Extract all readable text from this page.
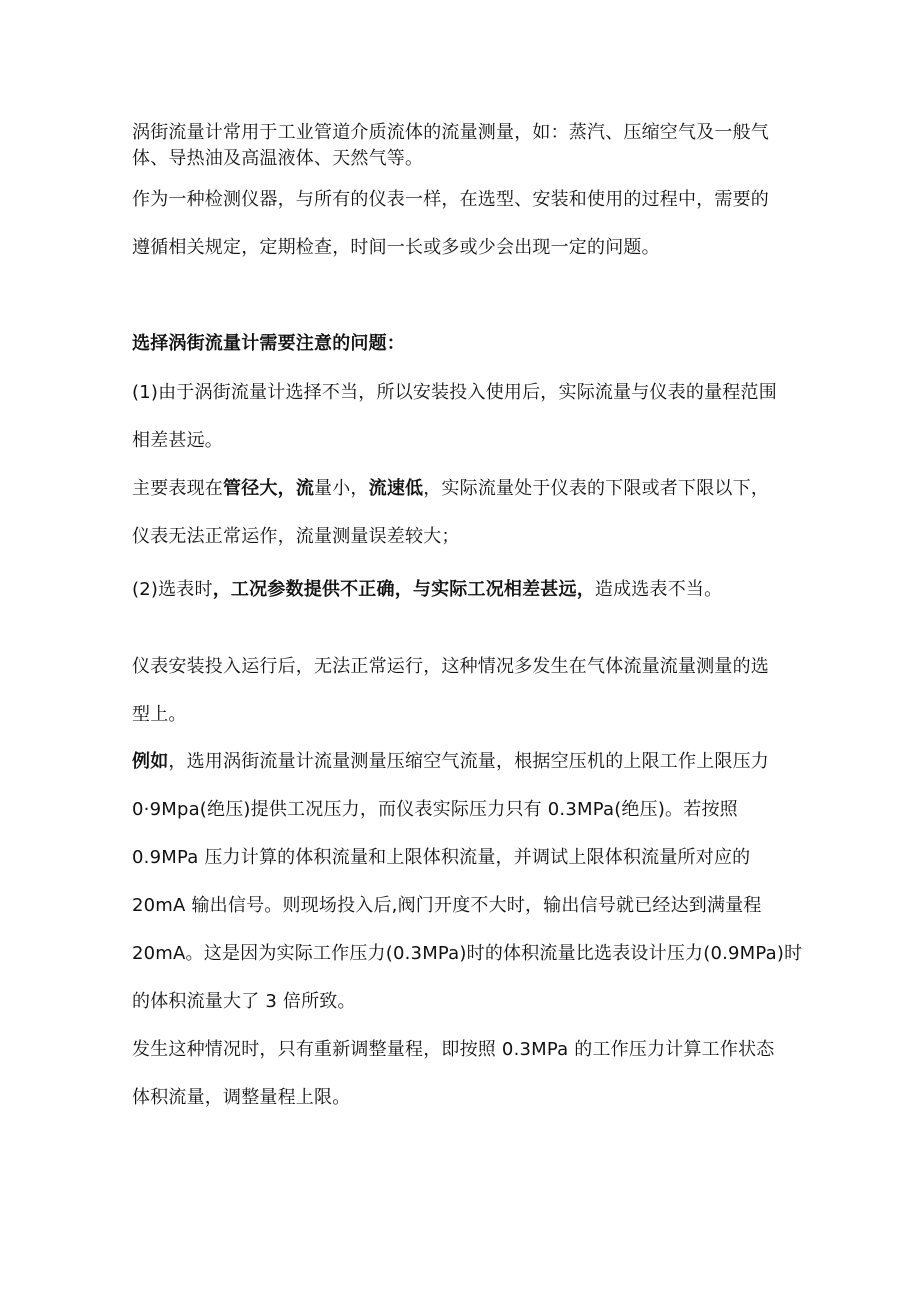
涡街流量计常用于工业管道介质流体的流量测量，如：蒸汽、压缩空气及一般气
体、导热油及高温液体、天然气等。
作为一种检测仪器，与所有的仪表一样，在选型、安装和使用的过程中，需要的
遵循相关规定，定期检查，时间一长或多或少会出现一定的问题。
选择涡街流量计需要注意的问题：
(1)由于涡街流量计选择不当，所以安装投入使用后，实际流量与仪表的量程范围
相差甚远。
主要表现在管径大，流量小，流速低，实际流量处于仪表的下限或者下限以下，
仪表无法正常运作，流量测量误差较大；
(2)选表时，工况参数提供不正确，与实际工况相差甚远，造成选表不当。
仪表安装投入运行后，无法正常运行，这种情况多发生在气体流量流量测量的选
型上。
例如，选用涡街流量计流量测量压缩空气流量，根据空压机的上限工作上限压力
0·9Mpa(绝压)提供工况压力，而仪表实际压力只有 0.3MPa(绝压)。若按照
0.9MPa 压力计算的体积流量和上限体积流量，并调试上限体积流量所对应的
20mA 输出信号。则现场投入后,阀门开度不大时，输出信号就已经达到满量程
20mA。这是因为实际工作压力(0.3MPa)时的体积流量比选表设计压力(0.9MPa)时
的体积流量大了 3 倍所致。
发生这种情况时，只有重新调整量程，即按照 0.3MPa 的工作压力计算工作状态
体积流量，调整量程上限。
